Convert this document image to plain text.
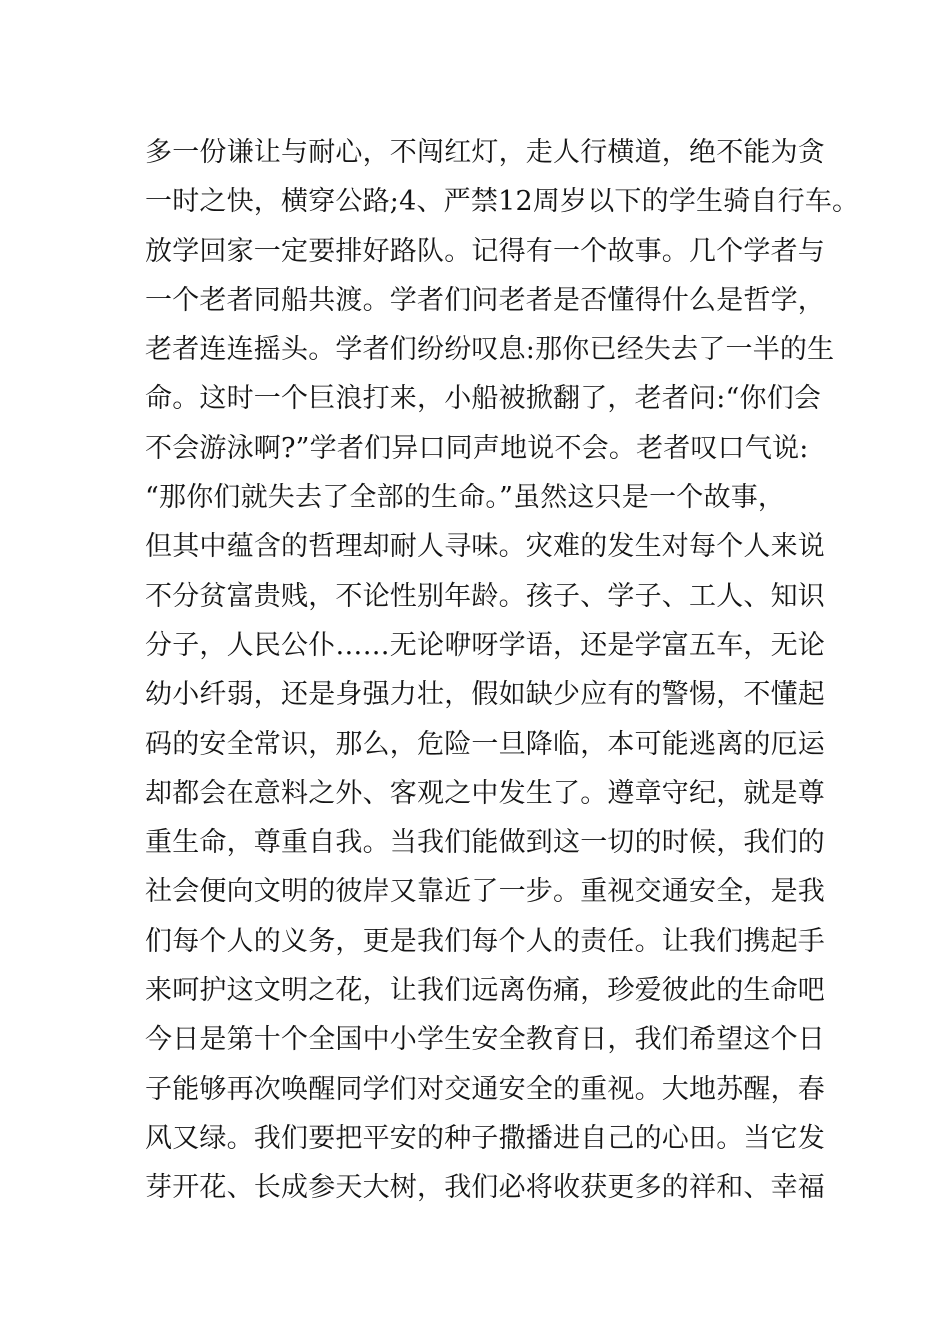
多一份谦让与耐心，不闯红灯，走人行横道，绝不能为贪
一时之快，横穿公路;4、严禁12周岁以下的学生骑自行车。
放学回家一定要排好路队。记得有一个故事。几个学者与
一个老者同船共渡。学者们问老者是否懂得什么是哲学，
老者连连摇头。学者们纷纷叹息:那你已经失去了一半的生
命。这时一个巨浪打来，小船被掀翻了，老者问:“你们会
不会游泳啊?”学者们异口同声地说不会。老者叹口气说:
“那你们就失去了全部的生命。”虽然这只是一个故事，
但其中蕴含的哲理却耐人寻味。灾难的发生对每个人来说
不分贫富贵贱，不论性别年龄。孩子、学子、工人、知识
分子，人民公仆……无论咿呀学语，还是学富五车，无论
幼小纤弱，还是身强力壮，假如缺少应有的警惕，不懂起
码的安全常识，那么，危险一旦降临，本可能逃离的厄运
却都会在意料之外、客观之中发生了。遵章守纪，就是尊
重生命，尊重自我。当我们能做到这一切的时候，我们的
社会便向文明的彼岸又靠近了一步。重视交通安全，是我
们每个人的义务，更是我们每个人的责任。让我们携起手
来呵护这文明之花，让我们远离伤痛，珍爱彼此的生命吧
今日是第十个全国中小学生安全教育日，我们希望这个日
子能够再次唤醒同学们对交通安全的重视。大地苏醒，春
风又绿。我们要把平安的种子撒播进自己的心田。当它发
芽开花、长成参天大树，我们必将收获更多的祥和、幸福
